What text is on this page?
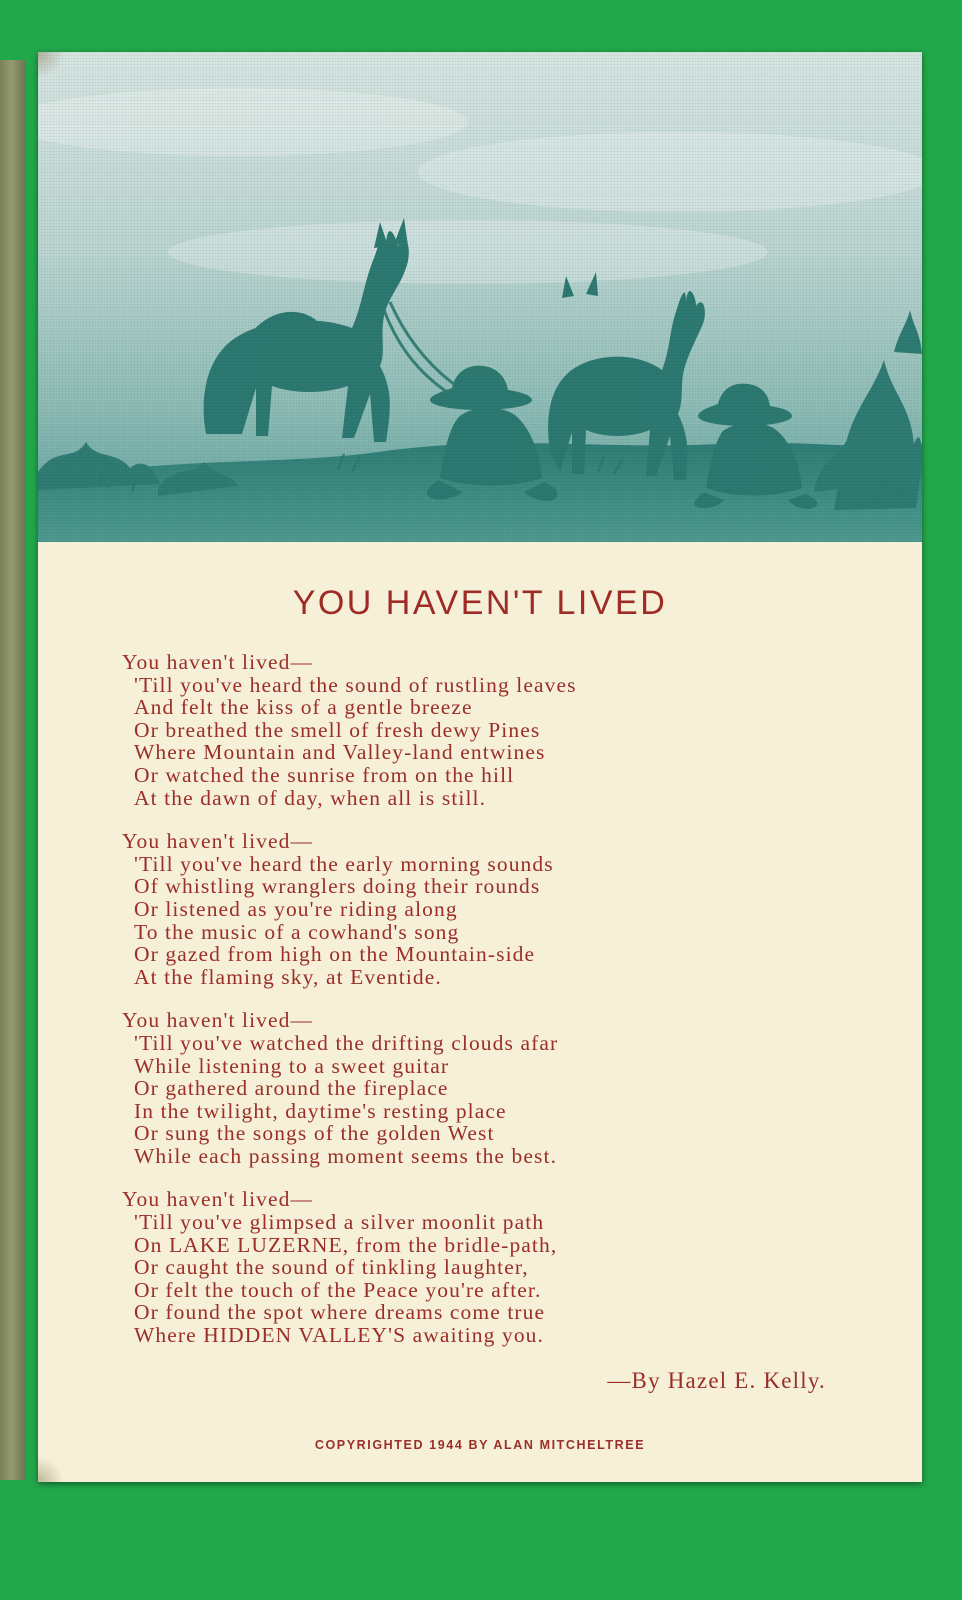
YOU HAVEN'T LIVED
You haven't lived—
'Till you've heard the sound of rustling leaves
And felt the kiss of a gentle breeze
Or breathed the smell of fresh dewy Pines
Where Mountain and Valley-land entwines
Or watched the sunrise from on the hill
At the dawn of day, when all is still.
You haven't lived—
'Till you've heard the early morning sounds
Of whistling wranglers doing their rounds
Or listened as you're riding along
To the music of a cowhand's song
Or gazed from high on the Mountain-side
At the flaming sky, at Eventide.
You haven't lived—
'Till you've watched the drifting clouds afar
While listening to a sweet guitar
Or gathered around the fireplace
In the twilight, daytime's resting place
Or sung the songs of the golden West
While each passing moment seems the best.
You haven't lived—
'Till you've glimpsed a silver moonlit path
On LAKE LUZERNE, from the bridle-path,
Or caught the sound of tinkling laughter,
Or felt the touch of the Peace you're after.
Or found the spot where dreams come true
Where HIDDEN VALLEY'S awaiting you.
—By Hazel E. Kelly.
COPYRIGHTED 1944 BY ALAN MITCHELTREE
